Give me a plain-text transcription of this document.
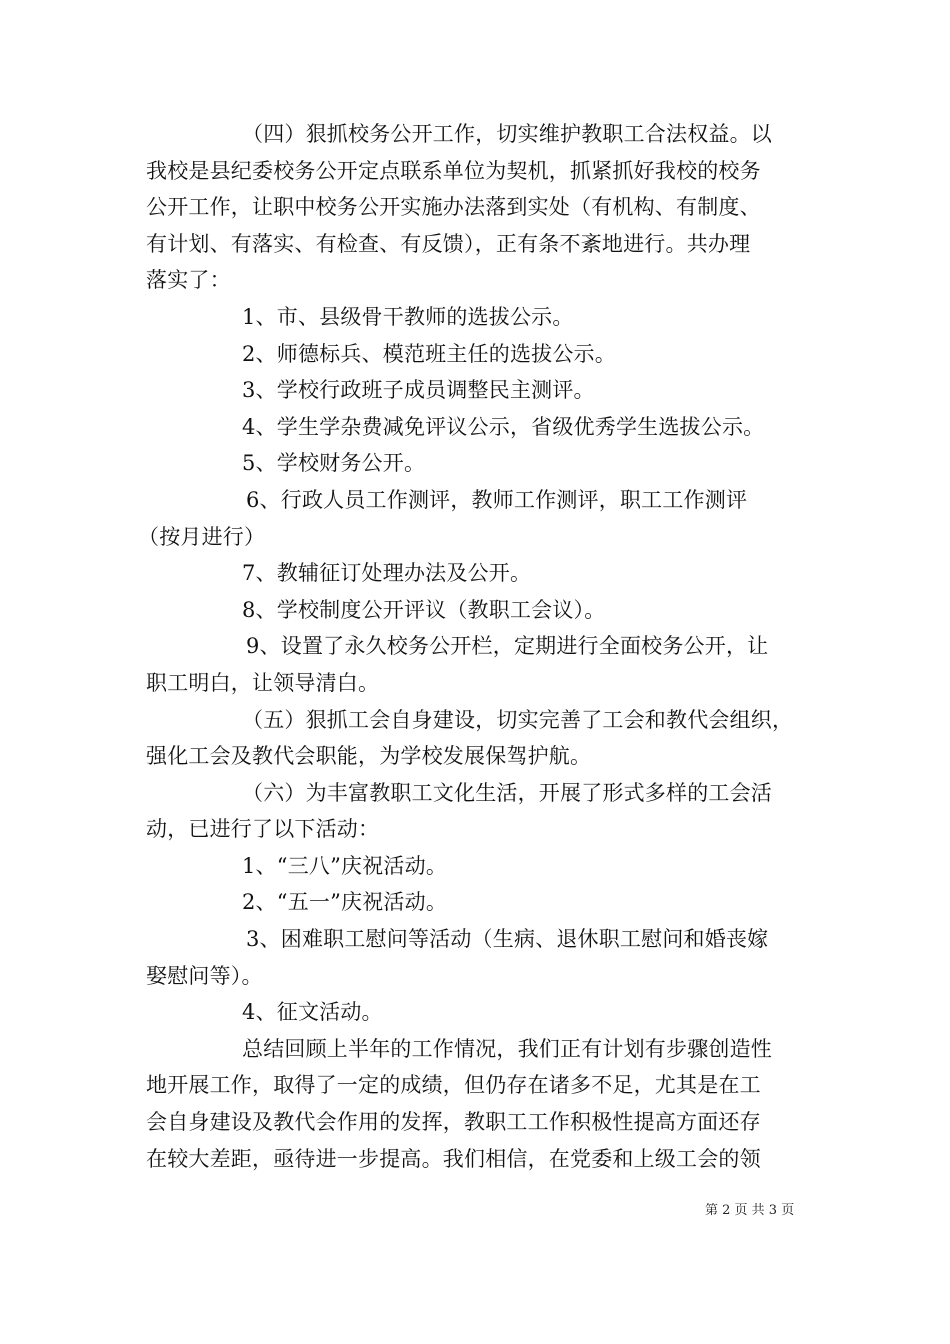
（四）狠抓校务公开工作，切实维护教职工合法权益。以
我校是县纪委校务公开定点联系单位为契机，抓紧抓好我校的校务
公开工作，让职中校务公开实施办法落到实处（有机构、有制度、
有计划、有落实、有检查、有反馈），正有条不紊地进行。共办理
落实了：
1、市、县级骨干教师的选拔公示。
2、师德标兵、模范班主任的选拔公示。
3、学校行政班子成员调整民主测评。
4、学生学杂费减免评议公示，省级优秀学生选拔公示。
5、学校财务公开。
6、行政人员工作测评，教师工作测评，职工工作测评
（按月进行）
7、教辅征订处理办法及公开。
8、学校制度公开评议（教职工会议）。
9、设置了永久校务公开栏，定期进行全面校务公开，让
职工明白，让领导清白。
（五）狠抓工会自身建设，切实完善了工会和教代会组织，
强化工会及教代会职能，为学校发展保驾护航。
（六）为丰富教职工文化生活，开展了形式多样的工会活
动，已进行了以下活动：
1、“三八”庆祝活动。
2、“五一”庆祝活动。
3、困难职工慰问等活动（生病、退休职工慰问和婚丧嫁
娶慰问等）。
4、征文活动。
总结回顾上半年的工作情况，我们正有计划有步骤创造性
地开展工作，取得了一定的成绩，但仍存在诸多不足，尤其是在工
会自身建设及教代会作用的发挥，教职工工作积极性提高方面还存
在较大差距，亟待进一步提高。我们相信，在党委和上级工会的领
第 2 页 共 3 页
